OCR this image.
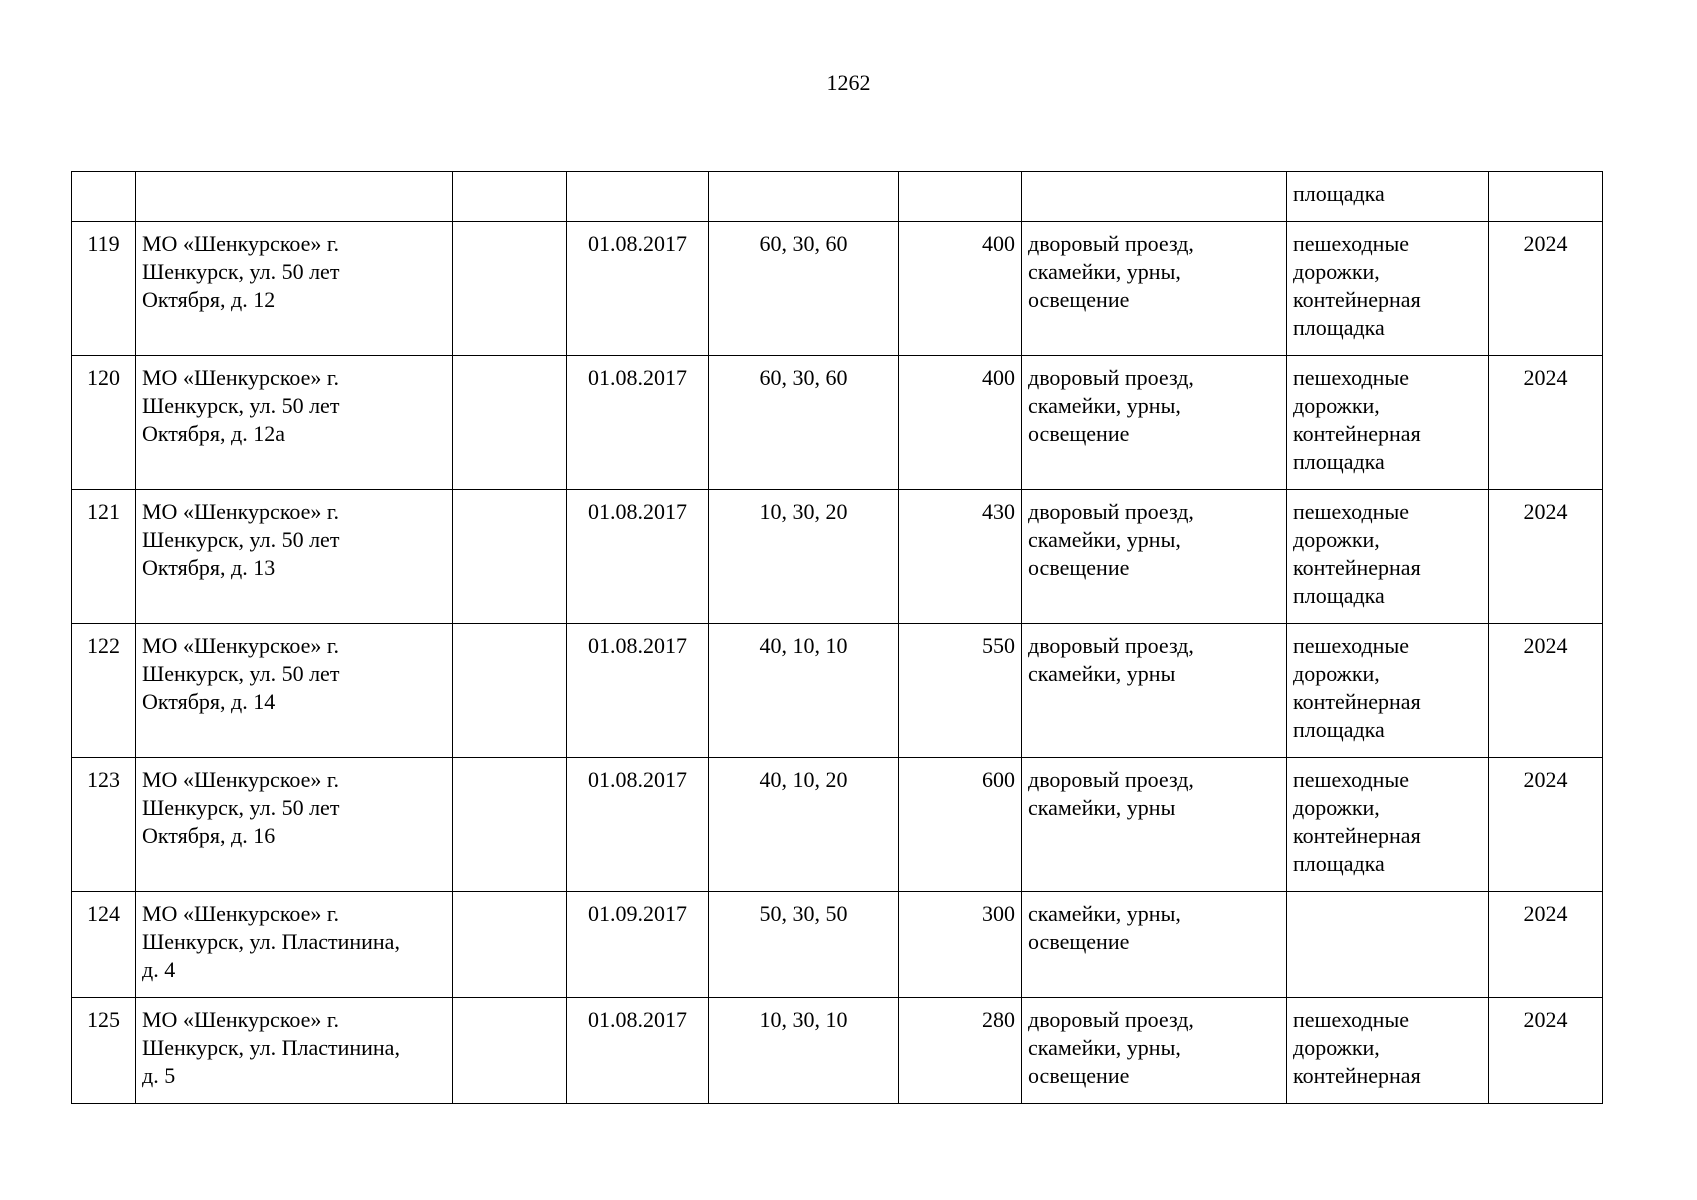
1262

							площадка	

119	МО «Шенкурское» г.
Шенкурск, ул. 50 лет
Октября, д. 12		01.08.2017	60, 30, 60	400	дворовый проезд,
скамейки, урны,
освещение	пешеходные
дорожки,
контейнерная
площадка	2024
120	МО «Шенкурское» г.
Шенкурск, ул. 50 лет
Октября, д. 12а		01.08.2017	60, 30, 60	400	дворовый проезд,
скамейки, урны,
освещение	пешеходные
дорожки,
контейнерная
площадка	2024
121	МО «Шенкурское» г.
Шенкурск, ул. 50 лет
Октября, д. 13		01.08.2017	10, 30, 20	430	дворовый проезд,
скамейки, урны,
освещение	пешеходные
дорожки,
контейнерная
площадка	2024
122	МО «Шенкурское» г.
Шенкурск, ул. 50 лет
Октября, д. 14		01.08.2017	40, 10, 10	550	дворовый проезд,
скамейки, урны	пешеходные
дорожки,
контейнерная
площадка	2024
123	МО «Шенкурское» г.
Шенкурск, ул. 50 лет
Октября, д. 16		01.08.2017	40, 10, 20	600	дворовый проезд,
скамейки, урны	пешеходные
дорожки,
контейнерная
площадка	2024
124	МО «Шенкурское» г.
Шенкурск, ул. Пластинина,
д. 4		01.09.2017	50, 30, 50	300	скамейки, урны,
освещение		2024
125	МО «Шенкурское» г.
Шенкурск, ул. Пластинина,
д. 5		01.08.2017	10, 30, 10	280	дворовый проезд,
скамейки, урны,
освещение	пешеходные
дорожки,
контейнерная	2024
